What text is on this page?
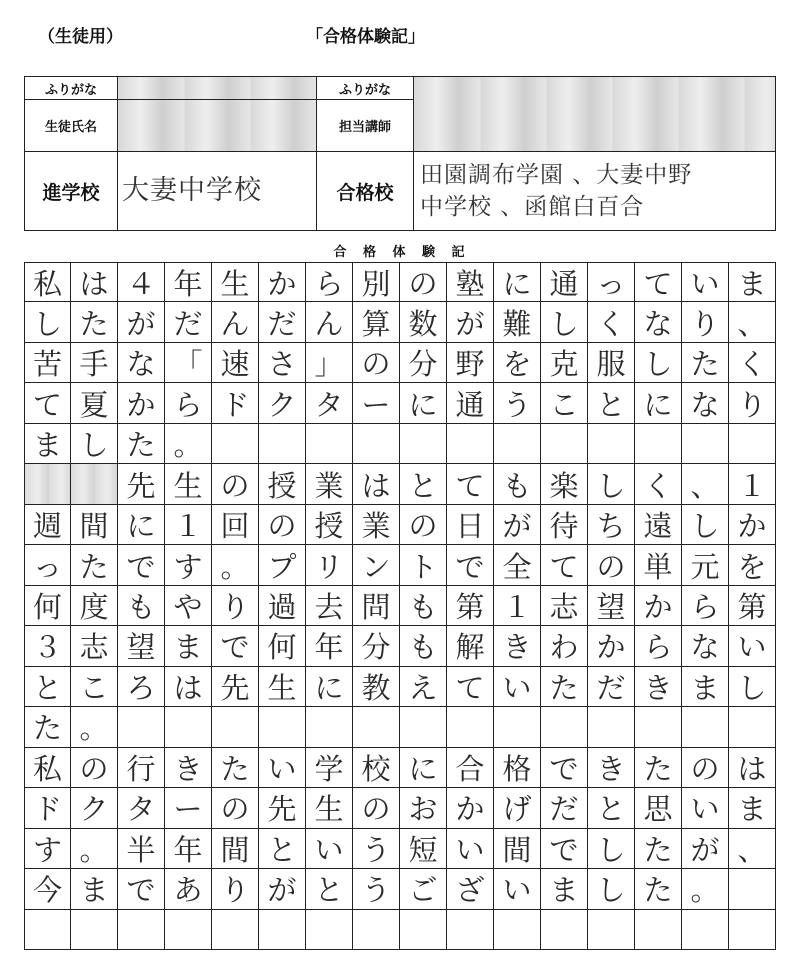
（生徒用）	「合格体験記」
ふりがな		ふりがな	
生徒氏名		担当講師	
進学校	大妻中学校	合格校	田園調布学園 、大妻中野
中学校 、函館白百合
合 格 体 験 記
私 は ４ 年 生 か ら 別 の 塾 に 通 っ て い ま
し た が だ ん だ ん 算 数 が 難 し く な り 、
苦 手 な 「 速 さ 」 の 分 野 を 克 服 し た く
て 夏 か ら ド ク タ ー に 通 う こ と に な り
ま し た 。
先 生 の 授 業 は と て も 楽 し く 、 １
週 間 に １ 回 の 授 業 の 日 が 待 ち 遠 し か
っ た で す 。 プ リ ン ト で 全 て の 単 元 を
何 度 も や り 過 去 問 も 第 １ 志 望 か ら 第
３ 志 望 ま で 何 年 分 も 解 き わ か ら な い
と こ ろ は 先 生 に 教 え て い た だ き ま し
た 。
私 の 行 き た い 学 校 に 合 格 で き た の は
ド ク タ ー の 先 生 の お か げ だ と 思 い ま
す 。 半 年 間 と い う 短 い 間 で し た が 、
今 ま で あ り が と う ご ざ い ま し た 。
